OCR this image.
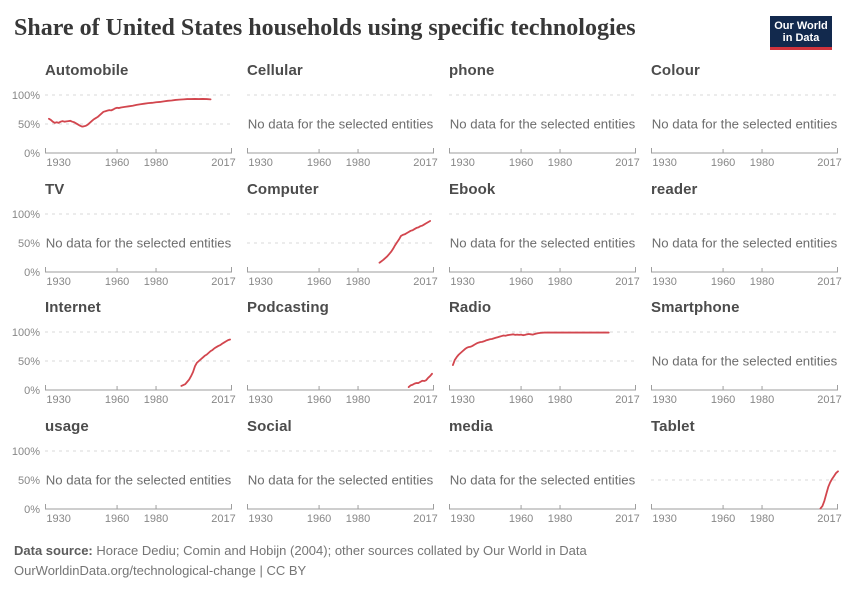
Share of United States households using specific technologies	Our World
in Data
Automobile
1930	1960 1980	2017
0%
50%
100%
Cellular
1930	1960 1980	2017
No data for the selected entities
phone
1930	1960 1980	2017
No data for the selected entities
Colour
1930	1960 1980	2017
No data for the selected entities
TV
1930	1960 1980	2017
0%
50%
100%
No data for the selected entities
Computer
1930	1960 1980	2017
Ebook
1930	1960 1980	2017
No data for the selected entities
reader
1930	1960 1980	2017
No data for the selected entities
Internet
1930	1960 1980	2017
0%
50%
100%
Podcasting
1930	1960 1980	2017
Radio
1930	1960 1980	2017
Smartphone
1930	1960 1980	2017
No data for the selected entities
usage
1930	1960 1980	2017
0%
50%
100%
No data for the selected entities
Social
1930	1960 1980	2017
No data for the selected entities
media
1930	1960 1980	2017
No data for the selected entities
Tablet
1930	1960 1980	2017
Data source: Horace Dediu; Comin and Hobijn (2004); other sources collated by Our World in Data
OurWorldinData.org/technological-change | CC BY
